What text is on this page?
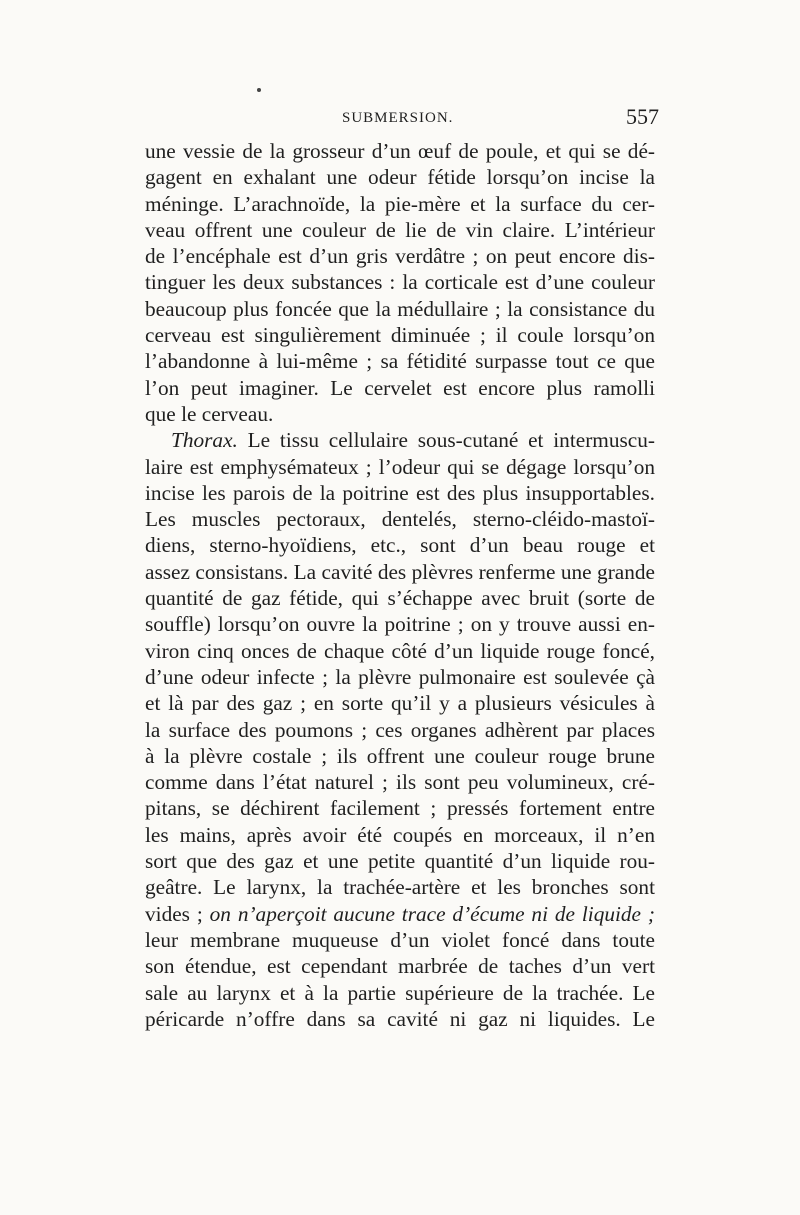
SUBMERSION.	557
une vessie de la grosseur d’un œuf de poule, et qui se dé-
gagent en exhalant une odeur fétide lorsqu’on incise la
méninge. L’arachnoïde, la pie-mère et la surface du cer-
veau offrent une couleur de lie de vin claire. L’intérieur
de l’encéphale est d’un gris verdâtre ; on peut encore dis-
tinguer les deux substances : la corticale est d’une couleur
beaucoup plus foncée que la médullaire ; la consistance du
cerveau est singulièrement diminuée ; il coule lorsqu’on
l’abandonne à lui-même ; sa fétidité surpasse tout ce que
l’on peut imaginer. Le cervelet est encore plus ramolli
que le cerveau.
Thorax. Le tissu cellulaire sous-cutané et intermuscu-
laire est emphysémateux ; l’odeur qui se dégage lorsqu’on
incise les parois de la poitrine est des plus insupportables.
Les muscles pectoraux, dentelés, sterno-cléido-mastoï-
diens, sterno-hyoïdiens, etc., sont d’un beau rouge et
assez consistans. La cavité des plèvres renferme une grande
quantité de gaz fétide, qui s’échappe avec bruit (sorte de
souffle) lorsqu’on ouvre la poitrine ; on y trouve aussi en-
viron cinq onces de chaque côté d’un liquide rouge foncé,
d’une odeur infecte ; la plèvre pulmonaire est soulevée çà
et là par des gaz ; en sorte qu’il y a plusieurs vésicules à
la surface des poumons ; ces organes adhèrent par places
à la plèvre costale ; ils offrent une couleur rouge brune
comme dans l’état naturel ; ils sont peu volumineux, cré-
pitans, se déchirent facilement ; pressés fortement entre
les mains, après avoir été coupés en morceaux, il n’en
sort que des gaz et une petite quantité d’un liquide rou-
geâtre. Le larynx, la trachée-artère et les bronches sont
vides ; on n’aperçoit aucune trace d’écume ni de liquide ;
leur membrane muqueuse d’un violet foncé dans toute
son étendue, est cependant marbrée de taches d’un vert
sale au larynx et à la partie supérieure de la trachée. Le
péricarde n’offre dans sa cavité ni gaz ni liquides. Le
